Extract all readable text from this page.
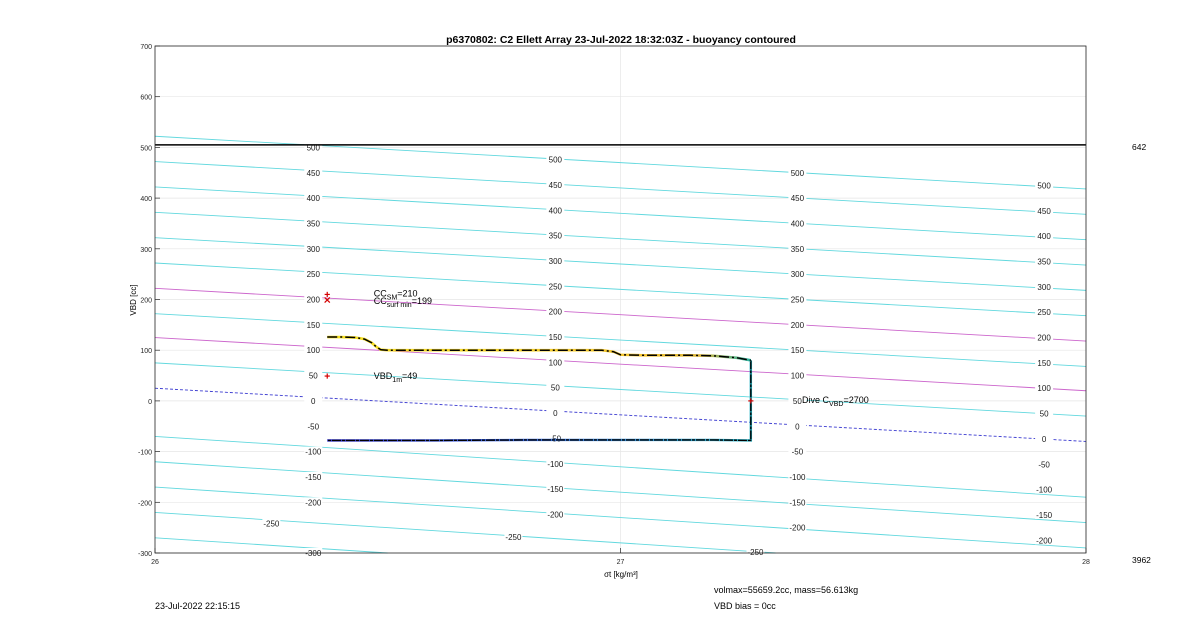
p6370802: C2 Ellett Array 23-Jul-2022 18:32:03Z - buoyancy contoured
500
450
400
350
300
250
200
150
100
50
0
-50
-100
-150
-200
-300
-250
500
450
400
350
300
250
200
150
100
50
0
-50
-100
-150
-200
-250
500
450
400
350
300
250
200
150
100
50
0
-50
-100
-150
-200
-250
500
450
400
350
300
250
200
150
100
50
0
-50
-100
-150
-200
$CC_{SM}=210$
$CC_{surf min}=199$
$VBD_{1m}=49$
Dive $C_{VBD}=2700$
-300
-200
-100
0
100
200
300
400
500
600
700
26	27	28
VBD [cc]
σt [kg/m³]
642
3962
volmax=55659.2cc, mass=56.613kg
VBD bias = 0cc
23-Jul-2022 22:15:15
